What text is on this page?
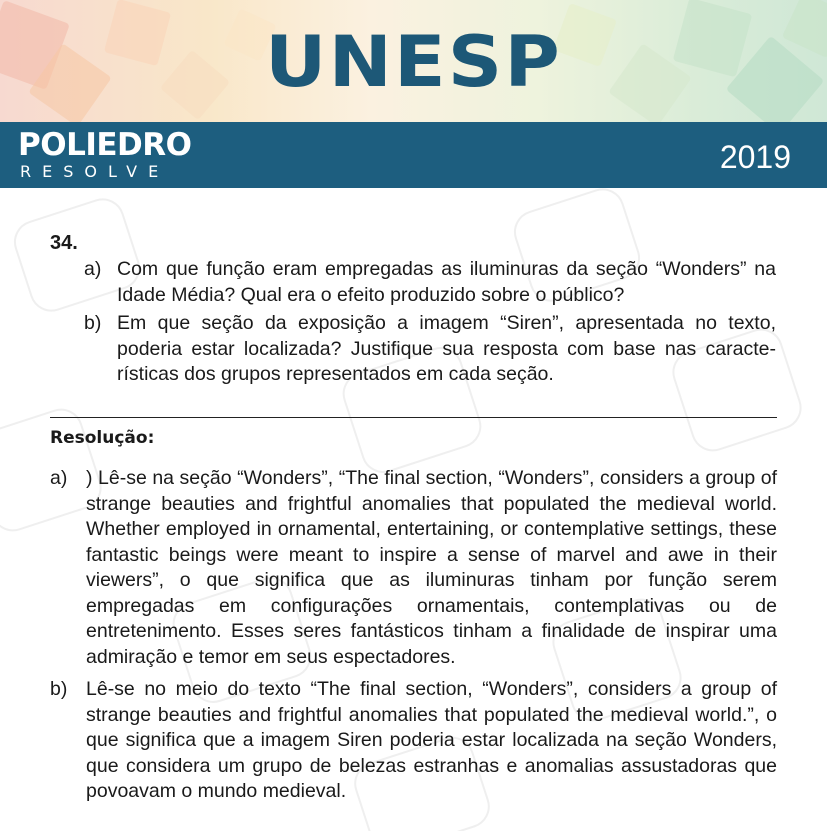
UNESP
POLIEDRO
RESOLVE	2019
34.
a) Com que função eram empregadas as iluminuras da seção “Wonders” na Idade Média? Qual era o efeito produzido sobre o público?
b) Em que seção da exposição a imagem “Siren”, apresentada no texto, poderia estar localizada? Justifique sua resposta com base nas características dos grupos representados em cada seção.
Resolução:
a) ) Lê-se na seção “Wonders”, “The final section, “Wonders”, considers a group of strange beauties and frightful anomalies that populated the medieval world. Whether employed in ornamental, entertaining, or contemplative settings, these fantastic beings were meant to inspire a sense of marvel and awe in their viewers”, o que significa que as iluminuras tinham por função serem empregadas em configurações ornamentais, contemplativas ou de entretenimento. Esses seres fantásticos tinham a finalidade de inspirar uma admiração e temor em seus espectadores.
b) Lê-se no meio do texto “The final section, “Wonders”, considers a group of strange beauties and frightful anomalies that populated the medieval world.”, o que significa que a imagem Siren poderia estar localizada na seção Wonders, que considera um grupo de belezas estranhas e anomalias assustadoras que povoavam o mundo medieval.
